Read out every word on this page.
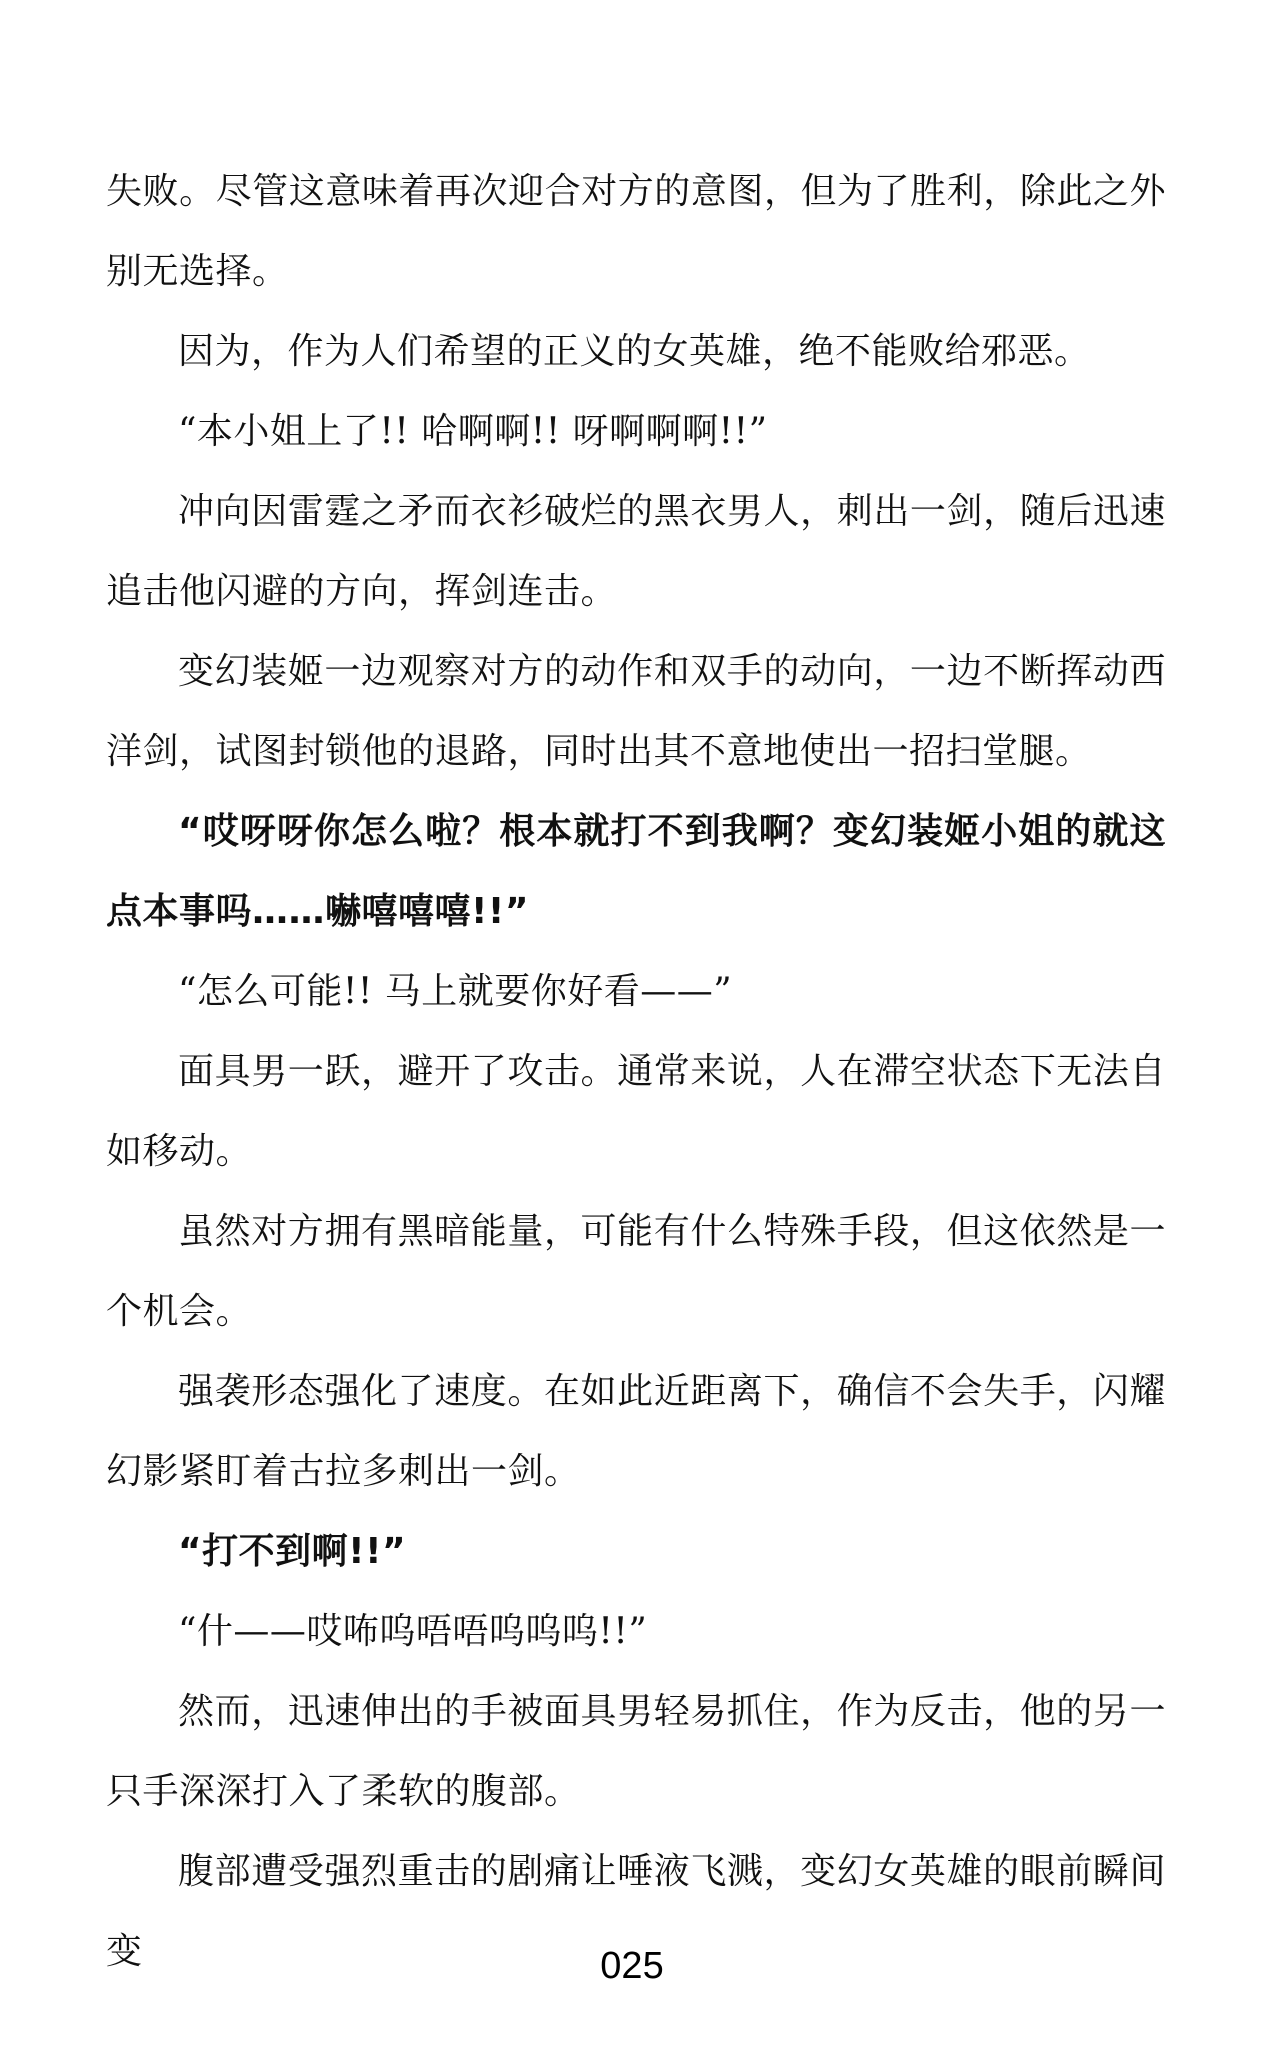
失败。尽管这意味着再次迎合对方的意图，但为了胜利，除此之外别无选择。

因为，作为人们希望的正义的女英雄，绝不能败给邪恶。

“本小姐上了!! 哈啊啊!! 呀啊啊啊!!”

冲向因雷霆之矛而衣衫破烂的黑衣男人，刺出一剑，随后迅速追击他闪避的方向，挥剑连击。

变幻装姬一边观察对方的动作和双手的动向，一边不断挥动西洋剑，试图封锁他的退路，同时出其不意地使出一招扫堂腿。

“哎呀呀你怎么啦？根本就打不到我啊？变幻装姬小姐的就这点本事吗……嚇嘻嘻嘻!!”

“怎么可能!! 马上就要你好看——”

面具男一跃，避开了攻击。通常来说，人在滞空状态下无法自如移动。

虽然对方拥有黑暗能量，可能有什么特殊手段，但这依然是一个机会。

强袭形态强化了速度。在如此近距离下，确信不会失手，闪耀幻影紧盯着古拉多刺出一剑。

“打不到啊!!”

“什——哎咘呜唔唔呜呜呜!!”

然而，迅速伸出的手被面具男轻易抓住，作为反击，他的另一只手深深打入了柔软的腹部。

腹部遭受强烈重击的剧痛让唾液飞溅，变幻女英雄的眼前瞬间变	025
